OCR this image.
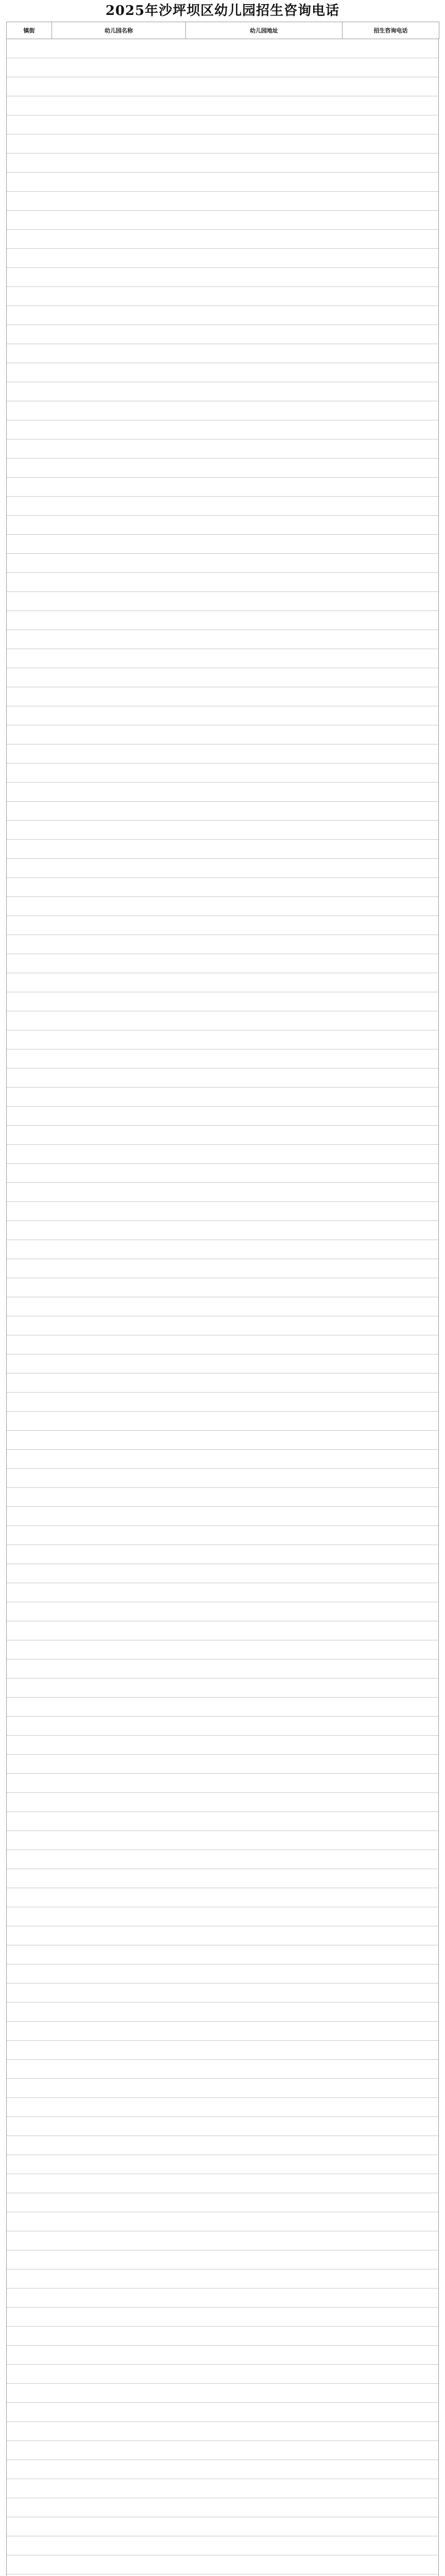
2025年沙坪坝区幼儿园招生咨询电话
镇街	幼儿园名称	幼儿园地址	招生咨询电话
